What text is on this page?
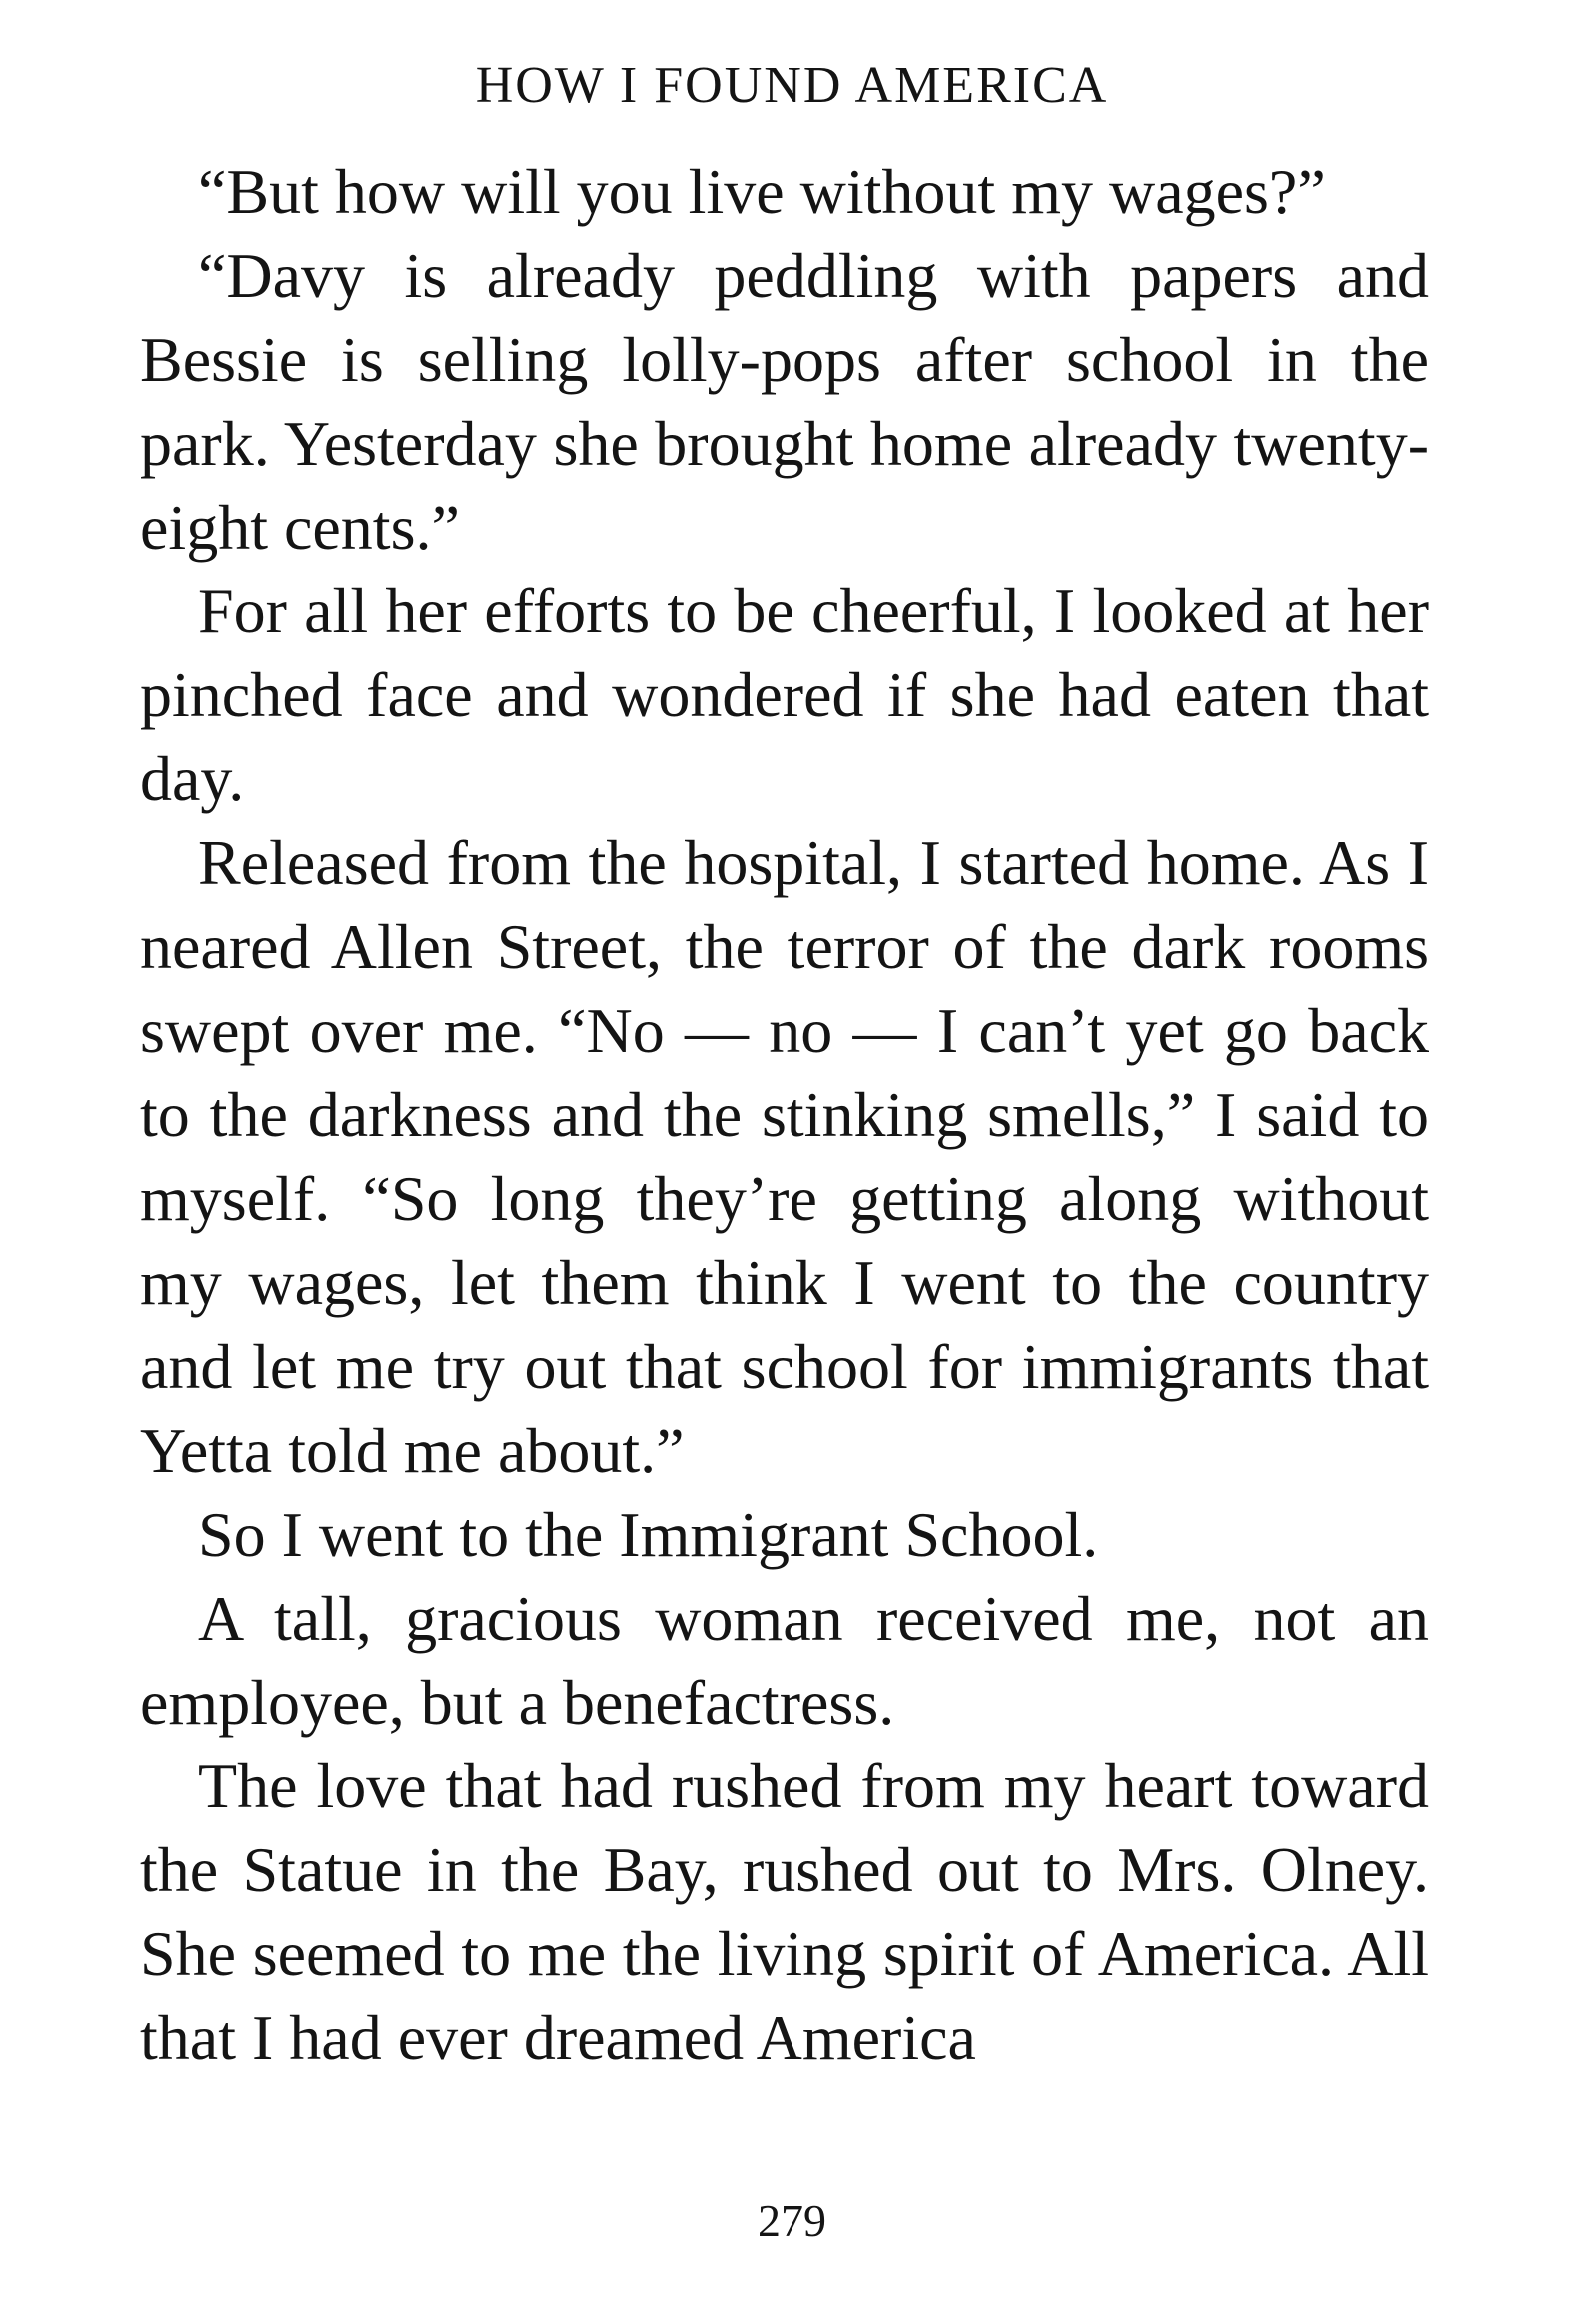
HOW I FOUND AMERICA

“But how will you live without my wages?”

“Davy is already peddling with papers and Bessie is selling lolly-pops after school in the park. Yesterday she brought home already twenty-eight cents.”

For all her efforts to be cheerful, I looked at her pinched face and wondered if she had eaten that day.

Released from the hospital, I started home. As I neared Allen Street, the terror of the dark rooms swept over me. “No — no — I can’t yet go back to the darkness and the stinking smells,” I said to myself. “So long they’re getting along without my wages, let them think I went to the country and let me try out that school for immigrants that Yetta told me about.”

So I went to the Immigrant School.

A tall, gracious woman received me, not an employee, but a benefactress.

The love that had rushed from my heart toward the Statue in the Bay, rushed out to Mrs. Olney. She seemed to me the living spirit of America. All that I had ever dreamed America

279
